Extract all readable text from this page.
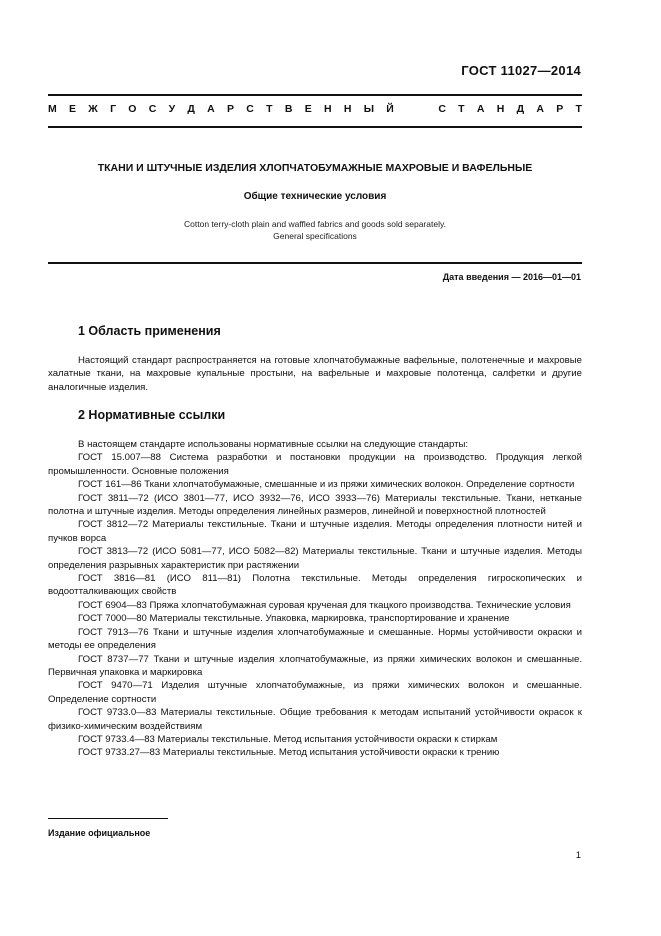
ГОСТ 11027—2014
М Е Ж Г О С У Д А Р С Т В Е Н Н Ы Й	С Т А Н Д А Р Т
ТКАНИ И ШТУЧНЫЕ ИЗДЕЛИЯ ХЛОПЧАТОБУМАЖНЫЕ МАХРОВЫЕ И ВАФЕЛЬНЫЕ
Общие технические условия
Cotton terry-cloth plain and waffled fabrics and goods sold separately.
General specifications
Дата введения — 2016—01—01
1 Область применения

Настоящий стандарт распространяется на готовые хлопчатобумажные вафельные, полотенечные и махровые халатные ткани, на махровые купальные простыни, на вафельные и махровые полотенца, салфетки и другие аналогичные изделия.

2 Нормативные ссылки

В настоящем стандарте использованы нормативные ссылки на следующие стандарты:

ГОСТ 15.007—88 Система разработки и постановки продукции на производство. Продукция легкой промышленности. Основные положения

ГОСТ 161—86 Ткани хлопчатобумажные, смешанные и из пряжи химических волокон. Определение сортности

ГОСТ 3811—72 (ИСО 3801—77, ИСО 3932—76, ИСО 3933—76) Материалы текстильные. Ткани, нетканые полотна и штучные изделия. Методы определения линейных размеров, линейной и поверхностной плотностей

ГОСТ 3812—72 Материалы текстильные. Ткани и штучные изделия. Методы определения плотности нитей и пучков ворса

ГОСТ 3813—72 (ИСО 5081—77, ИСО 5082—82) Материалы текстильные. Ткани и штучные изделия. Методы определения разрывных характеристик при растяжении

ГОСТ 3816—81 (ИСО 811—81) Полотна текстильные. Методы определения гигроскопических и водоотталкивающих свойств

ГОСТ 6904—83 Пряжа хлопчатобумажная суровая крученая для ткацкого производства. Технические условия

ГОСТ 7000—80 Материалы текстильные. Упаковка, маркировка, транспортирование и хранение

ГОСТ 7913—76 Ткани и штучные изделия хлопчатобумажные и смешанные. Нормы устойчивости окраски и методы ее определения

ГОСТ 8737—77 Ткани и штучные изделия хлопчатобумажные, из пряжи химических волокон и смешанные. Первичная упаковка и маркировка

ГОСТ 9470—71 Изделия штучные хлопчатобумажные, из пряжи химических волокон и смешанные. Определение сортности

ГОСТ 9733.0—83 Материалы текстильные. Общие требования к методам испытаний устойчивости окрасок к физико-химическим воздействиям

ГОСТ 9733.4—83 Материалы текстильные. Метод испытания устойчивости окраски к стиркам

ГОСТ 9733.27—83 Материалы текстильные. Метод испытания устойчивости окраски к трению

Издание официальное
1
